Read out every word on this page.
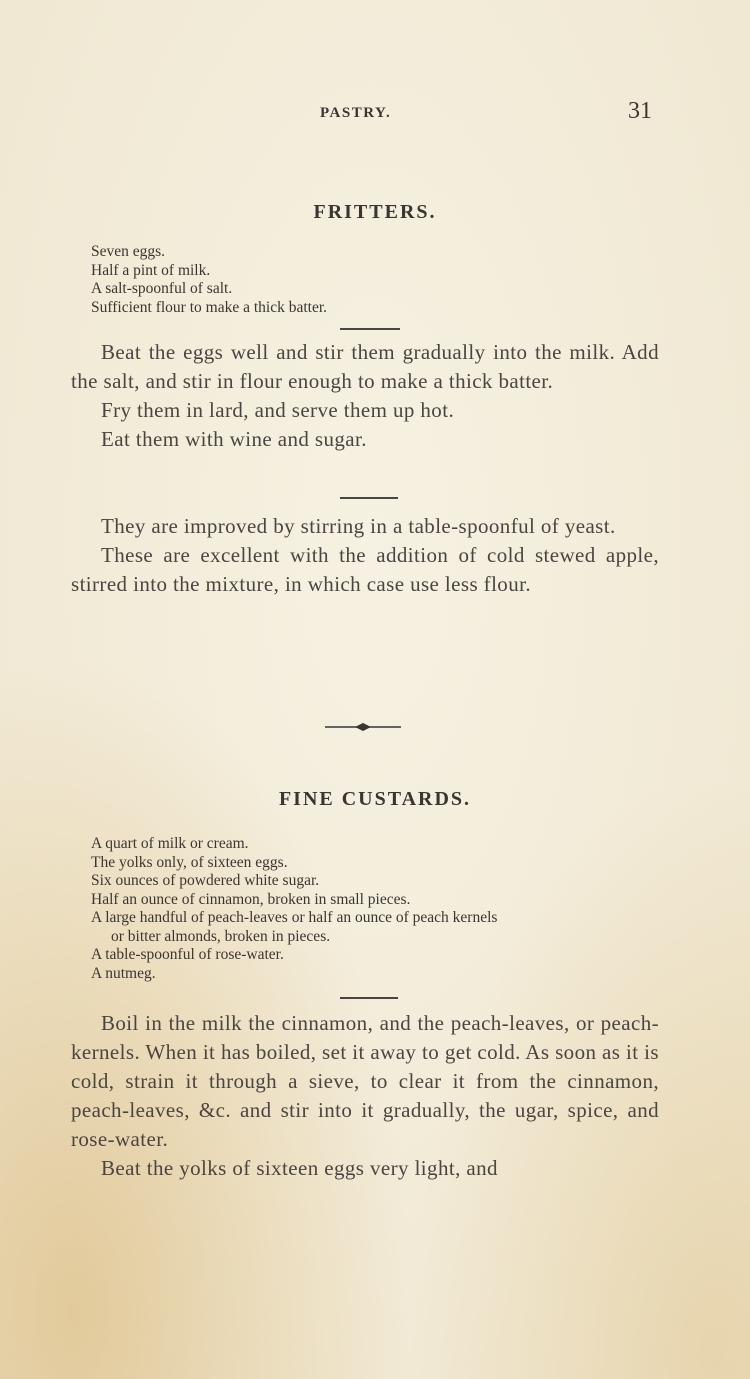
PASTRY.	31
FRITTERS.
Seven eggs.
Half a pint of milk.
A salt-spoonful of salt.
Sufficient flour to make a thick batter.

Beat the eggs well and stir them gradually into the milk. Add the salt, and stir in flour enough to make a thick batter.

Fry them in lard, and serve them up hot.

Eat them with wine and sugar.

They are improved by stirring in a table-spoonful of yeast.

These are excellent with the addition of cold stewed apple, stirred into the mixture, in which case use less flour.

FINE CUSTARDS.
A quart of milk or cream.
The yolks only, of sixteen eggs.
Six ounces of powdered white sugar.
Half an ounce of cinnamon, broken in small pieces.
A large handful of peach-leaves or half an ounce of peach kernels
or bitter almonds, broken in pieces.
A table-spoonful of rose-water.
A nutmeg.

Boil in the milk the cinnamon, and the peach-leaves, or peach-kernels. When it has boiled, set it away to get cold. As soon as it is cold, strain it through a sieve, to clear it from the cinnamon, peach-leaves, &c. and stir into it gradually, the ugar, spice, and rose-water.

Beat the yolks of sixteen eggs very light, and
